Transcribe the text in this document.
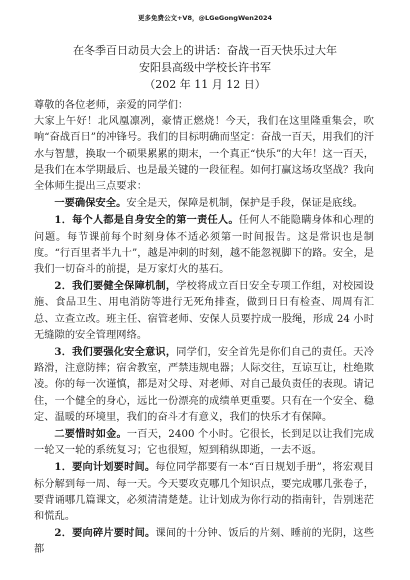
更多免费公文+V8，@LGeGongWen2024
在冬季百日动员大会上的讲话：奋战一百天快乐过大年
安阳县高级中学校长许书军
（202 年 11 月 12 日）

尊敬的各位老师，亲爱的同学们：

大家上午好！北风凰凛冽，豪情正燃烧！今天，我们在这里隆重集会，吹响“奋战百日”的冲锋号。我们的目标明确而坚定：奋战一百天，用我们的汗水与智慧，换取一个硕果累累的期末，一个真正“快乐”的大年！这一百天，是我们在本学期最后、也是最关键的一段征程。如何打赢这场攻坚战？我向全体师生提出三点要求：

一要确保安全。安全是天，保障是机制，保护是手段，保证是底线。

1．每个人都是自身安全的第一责任人。任何人不能隐瞒身体和心理的问题。每节课前每个时刻身体不适必须第一时间报告。这是常识也是制度。“行百里者半九十”，越是冲刺的时刻，越不能忽视脚下的路。安全，是我们一切奋斗的前提，是万家灯火的基石。

2．我们要健全保障机制，学校将成立百日安全专项工作组，对校园设施、食品卫生、用电消防等进行无死角排查，做到日日有检查、周周有汇总、立查立改。班主任、宿管老师、安保人员要拧成一股绳，形成 24 小时无缝隙的安全管理网络。

3．我们要强化安全意识，同学们，安全首先是你们自己的责任。天冷路滑，注意防摔；宿舍教室，严禁违规电器；人际交往，互谅互让，杜绝欺凌。你的每一次谨慎，都是对父母、对老师、对自己最负责任的表现。请记住，一个健全的身心，远比一份漂亮的成绩单更重要。只有在一个安全、稳定、温暖的环境里，我们的奋斗才有意义，我们的快乐才有保障。

二要惜时如金。一百天，2400 个小时。它很长，长到足以让我们完成一轮又一轮的系统复习；它也很短，短到稍纵即逝，一去不返。

1．要向计划要时间。每位同学都要有一本“百日规划手册”，将宏观目标分解到每一周、每一天。今天要攻克哪几个知识点，要完成哪几张卷子，要背诵哪几篇课文，必须清清楚楚。让计划成为你行动的指南针，告别迷茫和慌乱。

2．要向碎片要时间。课间的十分钟、饭后的片刻、睡前的光阴，这些都
